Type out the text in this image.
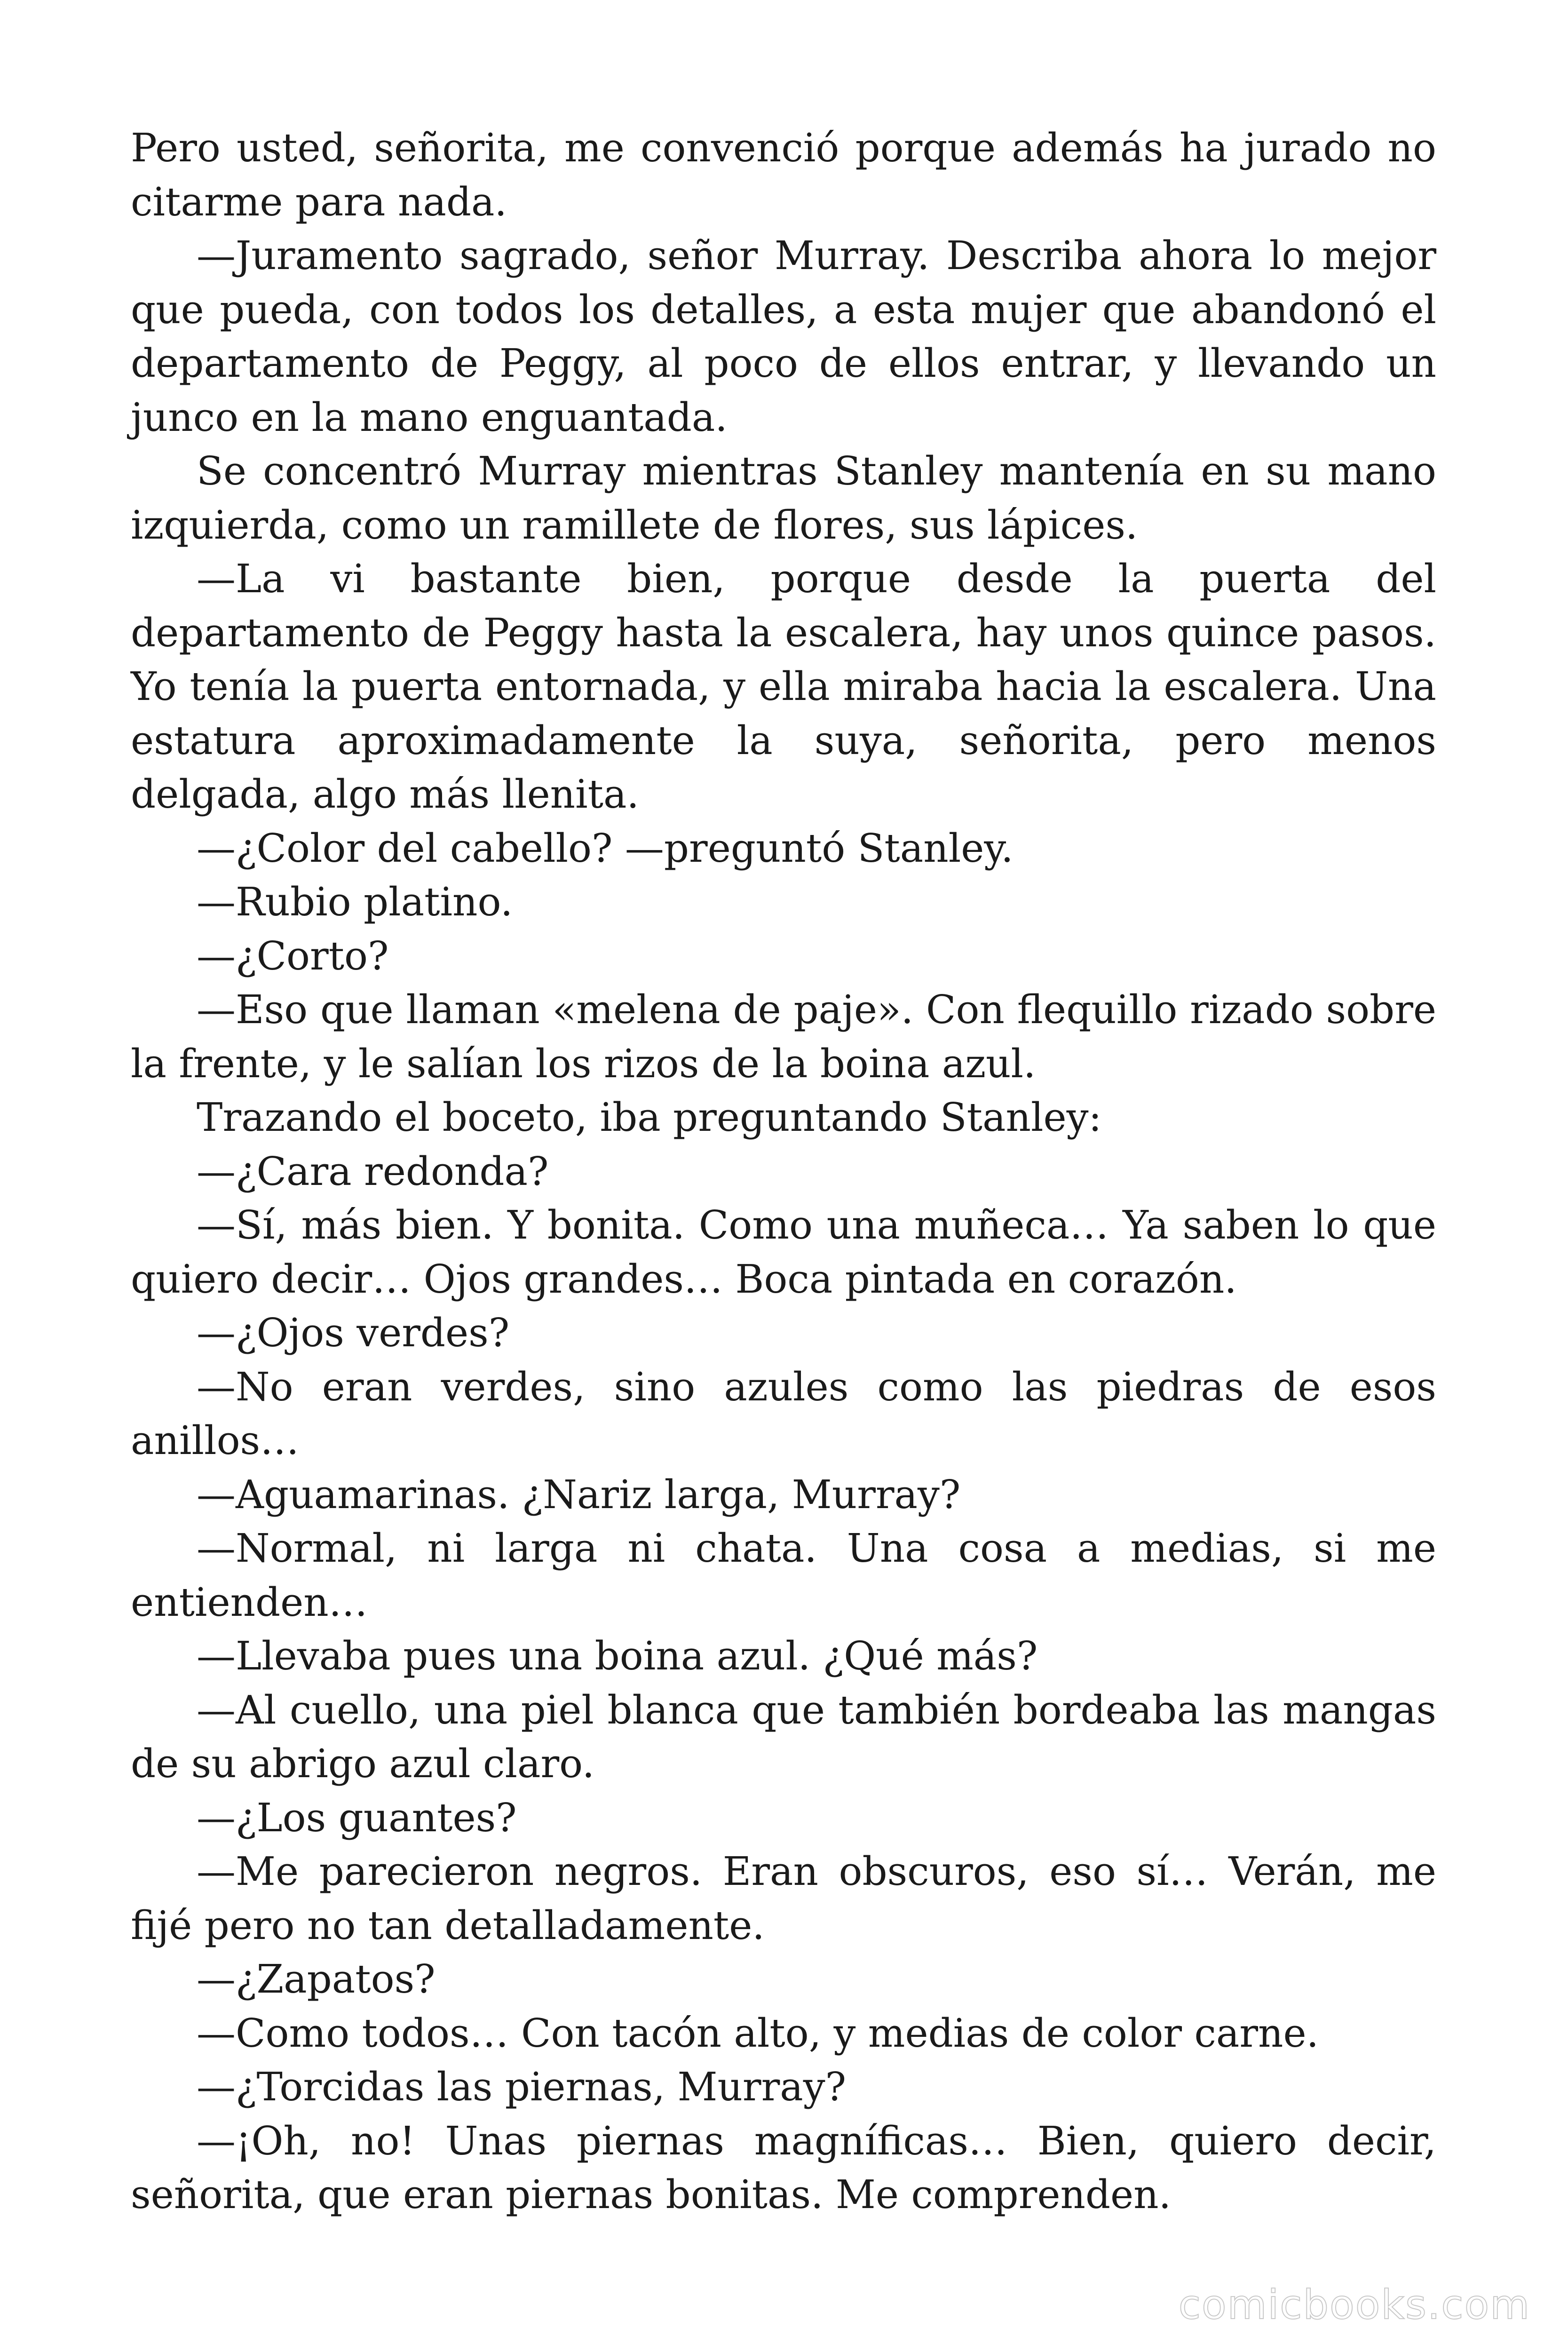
Pero usted, señorita, me convenció porque además ha jurado no citarme para nada.

—Juramento sagrado, señor Murray. Describa ahora lo mejor que pueda, con todos los detalles, a esta mujer que abandonó el departamento de Peggy, al poco de ellos entrar, y llevando un junco en la mano enguantada.

Se concentró Murray mientras Stanley mantenía en su mano izquierda, como un ramillete de flores, sus lápices.

—La vi bastante bien, porque desde la puerta del departamento de Peggy hasta la escalera, hay unos quince pasos. Yo tenía la puerta entornada, y ella miraba hacia la escalera. Una estatura aproximadamente la suya, señorita, pero menos delgada, algo más llenita.

—¿Color del cabello? —preguntó Stanley.

—Rubio platino.

—¿Corto?

—Eso que llaman «melena de paje». Con flequillo rizado sobre la frente, y le salían los rizos de la boina azul.

Trazando el boceto, iba preguntando Stanley:

—¿Cara redonda?

—Sí, más bien. Y bonita. Como una muñeca… Ya saben lo que quiero decir… Ojos grandes… Boca pintada en corazón.

—¿Ojos verdes?

—No eran verdes, sino azules como las piedras de esos anillos…

—Aguamarinas. ¿Nariz larga, Murray?

—Normal, ni larga ni chata. Una cosa a medias, si me entienden…

—Llevaba pues una boina azul. ¿Qué más?

—Al cuello, una piel blanca que también bordeaba las mangas de su abrigo azul claro.

—¿Los guantes?

—Me parecieron negros. Eran obscuros, eso sí… Verán, me fijé pero no tan detalladamente.

—¿Zapatos?

—Como todos… Con tacón alto, y medias de color carne.

—¿Torcidas las piernas, Murray?

—¡Oh, no! Unas piernas magníficas… Bien, quiero decir, señorita, que eran piernas bonitas. Me comprenden.

comicbooks.com
